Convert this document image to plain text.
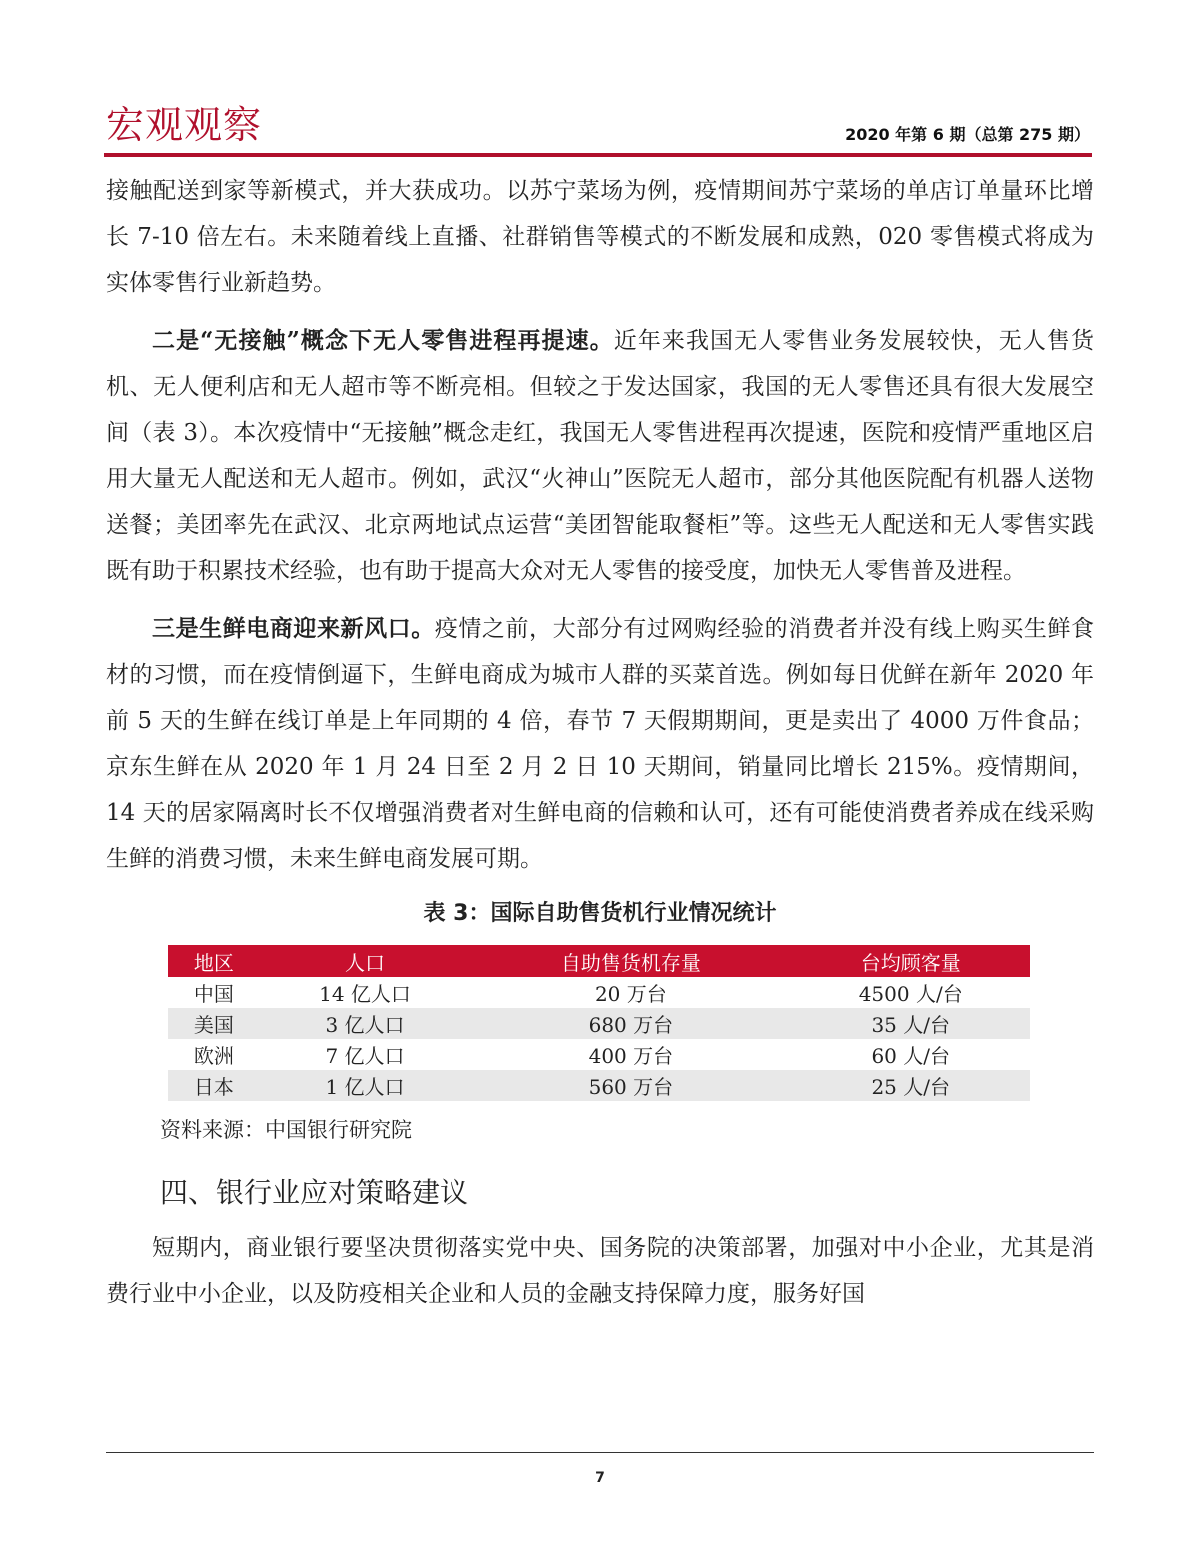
宏观观察	2020 年第 6 期（总第 275 期）

接触配送到家等新模式，并大获成功。以苏宁菜场为例，疫情期间苏宁菜场的单店订单量环比增长 7-10 倍左右。未来随着线上直播、社群销售等模式的不断发展和成熟，020 零售模式将成为实体零售行业新趋势。

二是“无接触”概念下无人零售进程再提速。近年来我国无人零售业务发展较快，无人售货机、无人便利店和无人超市等不断亮相。但较之于发达国家，我国的无人零售还具有很大发展空间（表 3）。本次疫情中“无接触”概念走红，我国无人零售进程再次提速，医院和疫情严重地区启用大量无人配送和无人超市。例如，武汉“火神山”医院无人超市，部分其他医院配有机器人送物送餐；美团率先在武汉、北京两地试点运营“美团智能取餐柜”等。这些无人配送和无人零售实践既有助于积累技术经验，也有助于提高大众对无人零售的接受度，加快无人零售普及进程。

三是生鲜电商迎来新风口。疫情之前，大部分有过网购经验的消费者并没有线上购买生鲜食材的习惯，而在疫情倒逼下，生鲜电商成为城市人群的买菜首选。例如每日优鲜在新年 2020 年前 5 天的生鲜在线订单是上年同期的 4 倍，春节 7 天假期期间，更是卖出了 4000 万件食品；京东生鲜在从 2020 年 1 月 24 日至 2 月 2 日 10 天期间，销量同比增长 215%。疫情期间，14 天的居家隔离时长不仅增强消费者对生鲜电商的信赖和认可，还有可能使消费者养成在线采购生鲜的消费习惯，未来生鲜电商发展可期。

表 3：国际自助售货机行业情况统计
地区	人口	自助售货机存量	台均顾客量
中国	14 亿人口	20 万台	4500 人/台
美国	3 亿人口	680 万台	35 人/台
欧洲	7 亿人口	400 万台	60 人/台
日本	1 亿人口	560 万台	25 人/台
资料来源：中国银行研究院
四、银行业应对策略建议

短期内，商业银行要坚决贯彻落实党中央、国务院的决策部署，加强对中小企业，尤其是消费行业中小企业，以及防疫相关企业和人员的金融支持保障力度，服务好国

7
